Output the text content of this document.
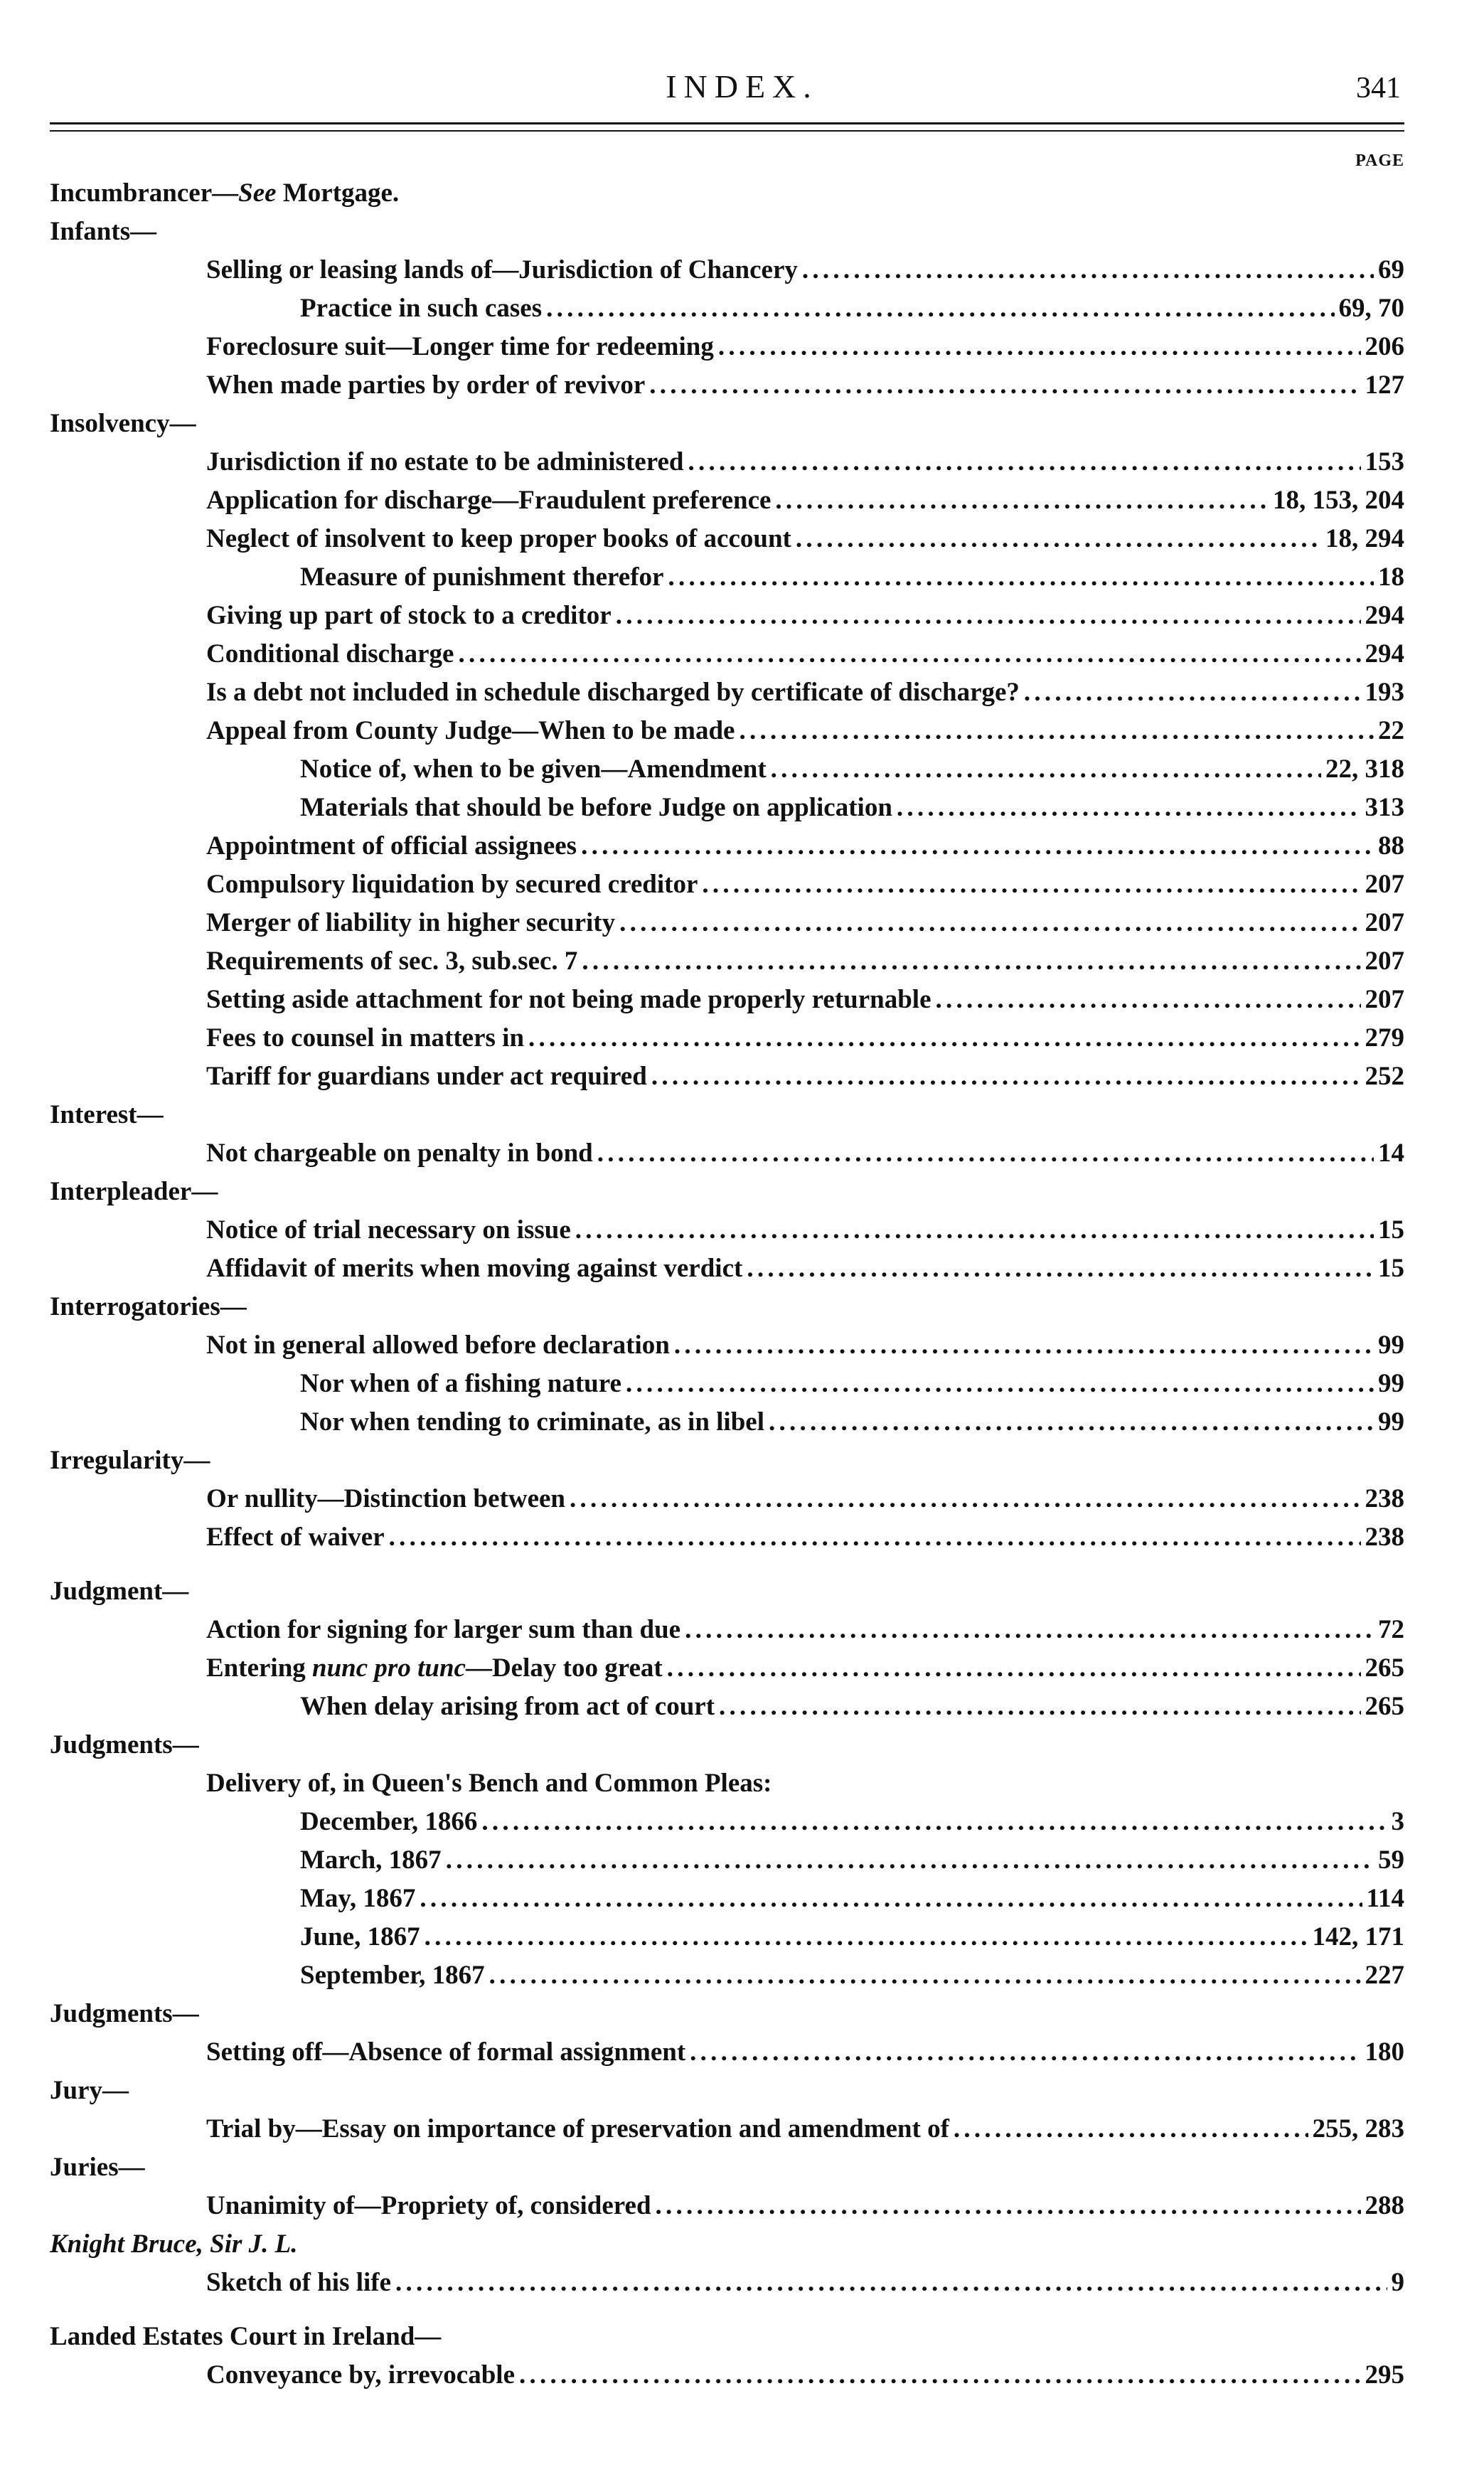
INDEX.	341
PAGE
Incumbrancer—See Mortgage.
Infants—
Selling or leasing lands of—Jurisdiction of Chancery . . .	69
Practice in such cases . . .	69, 70
Foreclosure suit—Longer time for redeeming . . .	206
When made parties by order of revivor . . .	127
Insolvency—
Jurisdiction if no estate to be administered . . .	153
Application for discharge—Fraudulent preference . . .	18, 153, 204
Neglect of insolvent to keep proper books of account . . .	18, 294
Measure of punishment therefor . . .	18
Giving up part of stock to a creditor . . .	294
Conditional discharge . . .	294
Is a debt not included in schedule discharged by certificate of discharge? . . .	193
Appeal from County Judge—When to be made . . .	22
Notice of, when to be given—Amendment . . .	22, 318
Materials that should be before Judge on application . . .	313
Appointment of official assignees . . .	88
Compulsory liquidation by secured creditor . . .	207
Merger of liability in higher security . . .	207
Requirements of sec. 3, sub.sec. 7 . . .	207
Setting aside attachment for not being made properly returnable . . .	207
Fees to counsel in matters in . . .	279
Tariff for guardians under act required . . .	252
Interest—
Not chargeable on penalty in bond . . .	14
Interpleader—
Notice of trial necessary on issue . . .	15
Affidavit of merits when moving against verdict . . .	15
Interrogatories—
Not in general allowed before declaration . . .	99
Nor when of a fishing nature . . .	99
Nor when tending to criminate, as in libel . . .	99
Irregularity—
Or nullity—Distinction between . . .	238
Effect of waiver . . .	238
Judgment—
Action for signing for larger sum than due . . .	72
Entering nunc pro tunc—Delay too great . . .	265
When delay arising from act of court . . .	265
Judgments—
Delivery of, in Queen's Bench and Common Pleas:
December, 1866 . . .	3
March, 1867 . . .	59
May, 1867 . . .	114
June, 1867 . . .	142, 171
September, 1867 . . .	227
Judgments—
Setting off—Absence of formal assignment . . .	180
Jury—
Trial by—Essay on importance of preservation and amendment of . . .	255, 283
Juries—
Unanimity of—Propriety of, considered . . .	288
Knight Bruce, Sir J. L.
Sketch of his life . . .	9
Landed Estates Court in Ireland—
Conveyance by, irrevocable . . .	295
